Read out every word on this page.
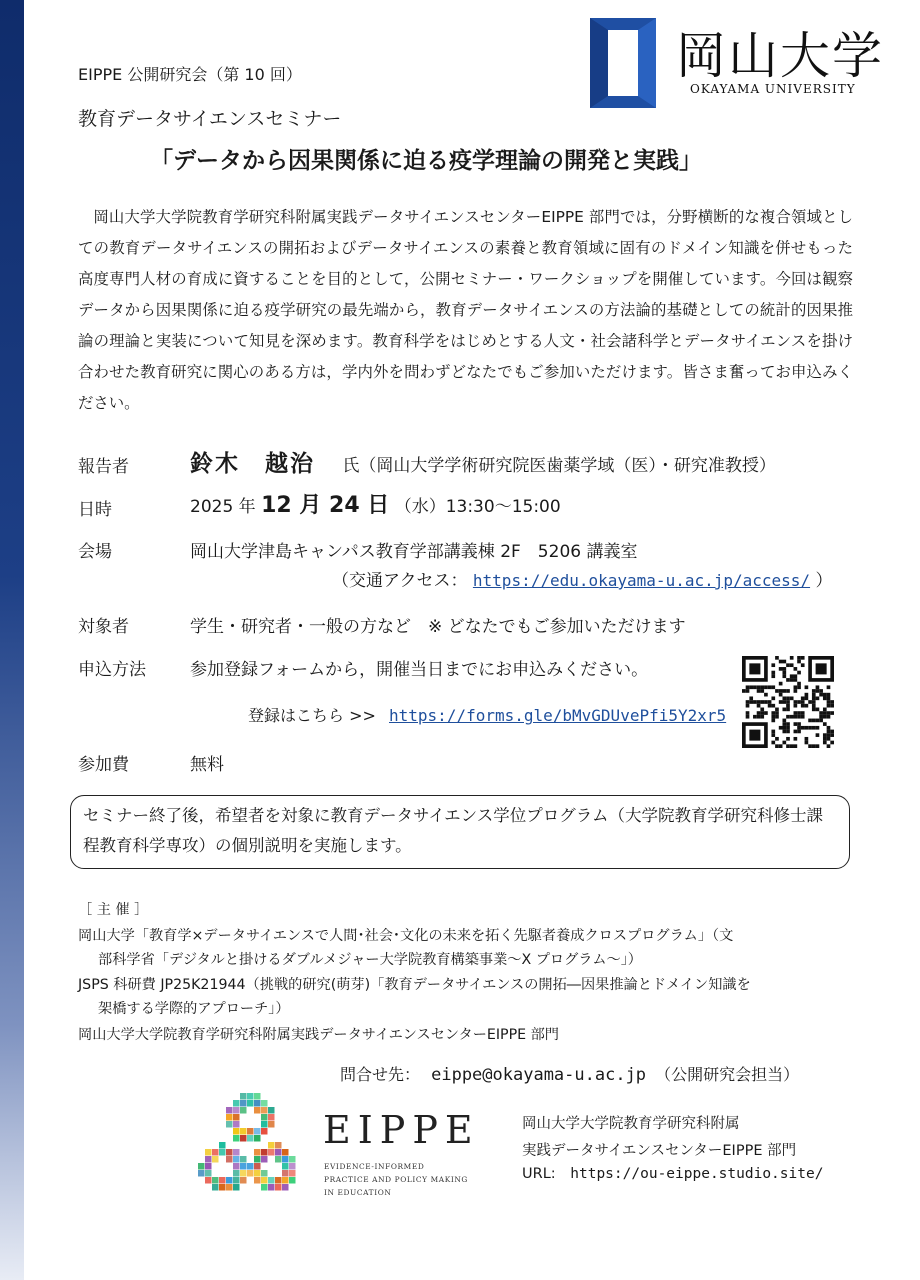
岡山大学
OKAYAMA UNIVERSITY
EIPPE 公開研究会（第 10 回）
教育データサイエンスセミナー
「データから因果関係に迫る疫学理論の開発と実践」

岡山大学大学院教育学研究科附属実践データサイエンスセンターEIPPE 部門では，分野横断的な複合領域としての教育データサイエンスの開拓およびデータサイエンスの素養と教育領域に固有のドメイン知識を併せもった高度専門人材の育成に資することを目的として，公開セミナー・ワークショップを開催しています。今回は観察データから因果関係に迫る疫学研究の最先端から，教育データサイエンスの方法論的基礎としての統計的因果推論の理論と実装について知見を深めます。教育科学をはじめとする人文・社会諸科学とデータサイエンスを掛け合わせた教育研究に関心のある方は，学内外を問わずどなたでもご参加いただけます。皆さま奮ってお申込みください。

報告者	鈴木　越治 氏（岡山大学学術研究院医歯薬学域（医）・研究准教授）
日時	2025 年 12 月 24 日 （水）13:30～15:00
会場	岡山大学津島キャンパス教育学部講義棟 2F　5206 講義室
（交通アクセス： https://edu.okayama-u.ac.jp/access/ ）
対象者	学生・研究者・一般の方など　※ どなたでもご参加いただけます
申込方法	参加登録フォームから，開催当日までにお申込みください。
登録はこちら >> https://forms.gle/bMvGDUvePfi5Y2xr5
参加費	無料
セミナー終了後，希望者を対象に教育データサイエンス学位プログラム（大学院教育学研究科修士課程教育科学専攻）の個別説明を実施します。
［ 主 催 ］
岡山大学「教育学×データサイエンスで人間･社会･文化の未来を拓く先駆者養成クロスプログラム」（文
部科学省「デジタルと掛けるダブルメジャー大学院教育構築事業～X プログラム～」）
JSPS 科研費 JP25K21944（挑戦的研究(萌芽)「教育データサイエンスの開拓―因果推論とドメイン知識を
架橋する学際的アプローチ」）
岡山大学大学院教育学研究科附属実践データサイエンスセンターEIPPE 部門
問合せ先： eippe@okayama-u.ac.jp （公開研究会担当）
EIPPE
EVIDENCE-INFORMED
PRACTICE AND POLICY MAKING
IN EDUCATION
岡山大学大学院教育学研究科附属
実践データサイエンスセンターEIPPE 部門
URL: https://ou-eippe.studio.site/
